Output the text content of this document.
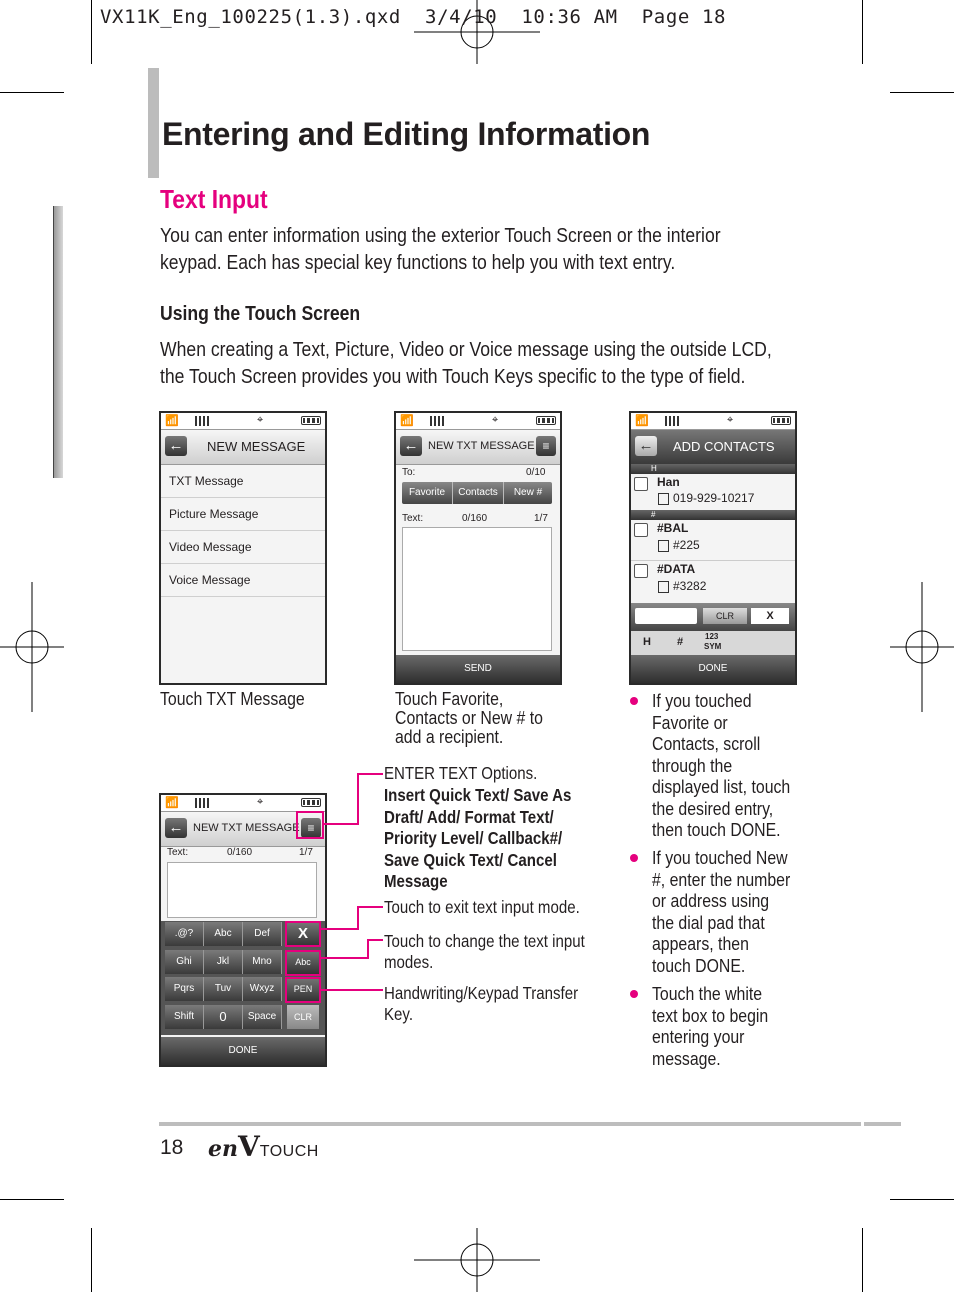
VX11K_Eng_100225(1.3).qxd  3/4/10  10:36 AM  Page 18
Entering and Editing Information
Text Input
You can enter information using the exterior Touch Screen or the interior
keypad. Each has special key functions to help you with text entry.
Using the Touch Screen
When creating a Text, Picture, Video or Voice message using the outside LCD,
the Touch Screen provides you with Touch Keys specific to the type of field.
📶	⌖
← NEW MESSAGE
TXT Message
Picture Message
Video Message
Voice Message
Touch TXT Message
📶	⌖
← NEW TXT MESSAGE ≡
To:	0/10
Favorite	Contacts	New #
Text:	0/160	1/7
SEND
Touch Favorite,
Contacts or New # to
add a recipient.
📶	⌖
← ADD CONTACTS
H
Han
019-929-10217
#
#BAL
#225
#DATA
#3282
CLR	X
H #	123
SYM
DONE
If you touched
Favorite or
Contacts, scroll
through the
displayed list, touch
the desired entry,
then touch DONE.
If you touched New
#, enter the number
or address using
the dial pad that
appears, then
touch DONE.
Touch the white
text box to begin
entering your
message.
📶	⌖
← NEW TXT MESSAGE ≡
Text:	0/160	1/7
DONE
.@?	Abc	Def
Ghi	Jkl	Mno
Pqrs	Tuv	Wxyz
Shift	0	Space
X
Abc
PEN
CLR
ENTER TEXT Options.
Insert Quick Text/ Save As
Draft/ Add/ Format Text/
Priority Level/ Callback#/
Save Quick Text/ Cancel
Message
Touch to exit text input mode.
Touch to change the text input
modes.
Handwriting/Keypad Transfer
Key.
18 enVTOUCH
